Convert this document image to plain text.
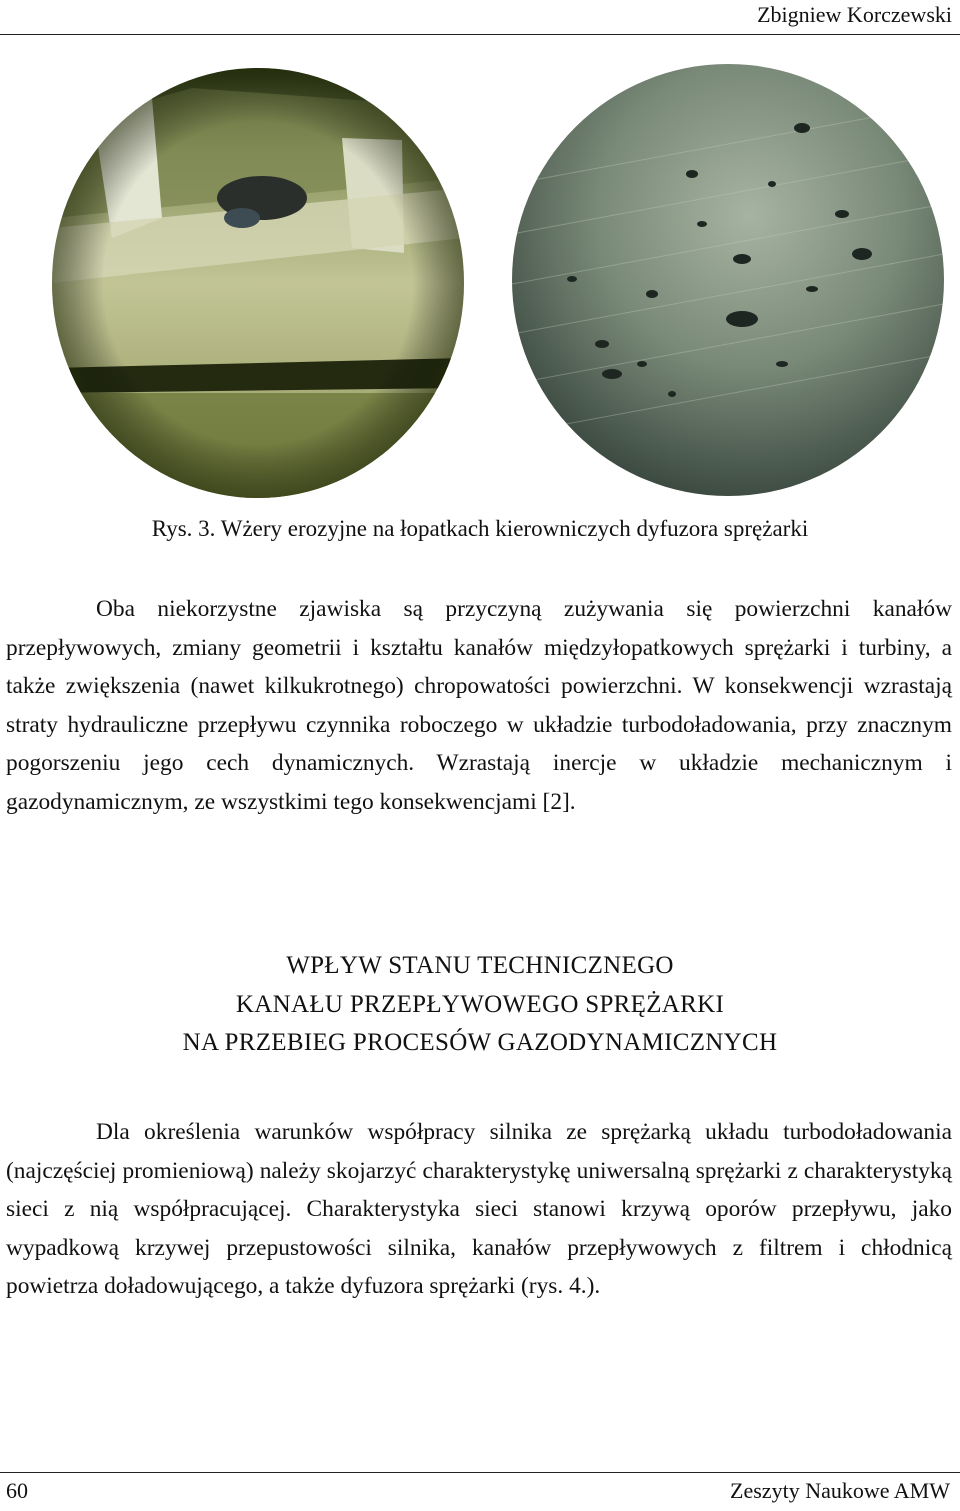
Zbigniew Korczewski
Rys. 3. Wżery erozyjne na łopatkach kierowniczych dyfuzora sprężarki

Oba niekorzystne zjawiska są przyczyną zużywania się powierzchni kanałów przepływowych, zmiany geometrii i kształtu kanałów międzyłopatkowych sprężarki i turbiny, a także zwiększenia (nawet kilkukrotnego) chropowatości powierzchni. W konsekwencji wzrastają straty hydrauliczne przepływu czynnika roboczego w układzie turbodoładowania, przy znacznym pogorszeniu jego cech dynamicznych. Wzrastają inercje w układzie mechanicznym i gazodynamicznym, ze wszystkimi tego konsekwencjami [2].

WPŁYW STANU TECHNICZNEGO
KANAŁU PRZEPŁYWOWEGO SPRĘŻARKI
NA PRZEBIEG PROCESÓW GAZODYNAMICZNYCH

Dla określenia warunków współpracy silnika ze sprężarką układu turbodoładowania (najczęściej promieniową) należy skojarzyć charakterystykę uniwersalną sprężarki z charakterystyką sieci z nią współpracującej. Charakterystyka sieci stanowi krzywą oporów przepływu, jako wypadkową krzywej przepustowości silnika, kanałów przepływowych z filtrem i chłodnicą powietrza doładowującego, a także dyfuzora sprężarki (rys. 4.).

60	Zeszyty Naukowe AMW
